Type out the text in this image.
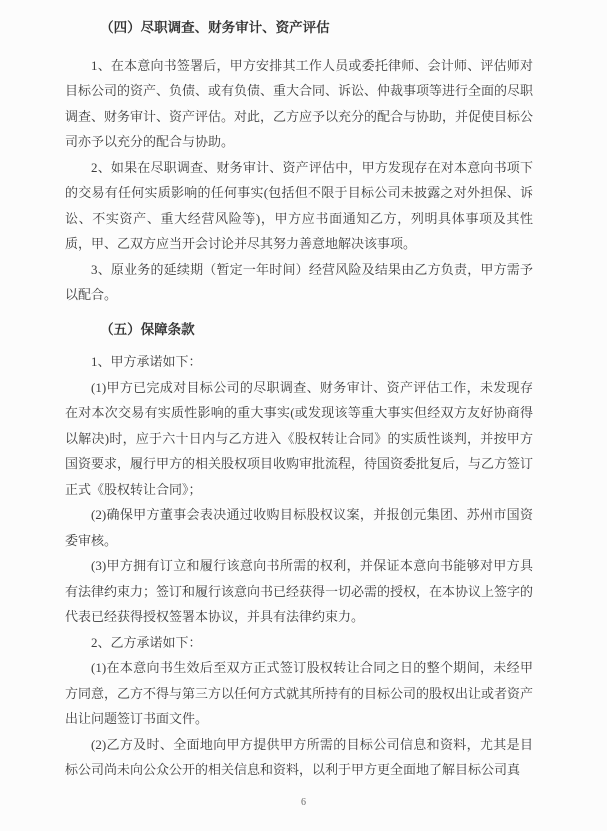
（四）尽职调查、财务审计、资产评估

1、在本意向书签署后，甲方安排其工作人员或委托律师、会计师、评估师对目标公司的资产、负债、或有负债、重大合同、诉讼、仲裁事项等进行全面的尽职调查、财务审计、资产评估。对此，乙方应予以充分的配合与协助，并促使目标公司亦予以充分的配合与协助。

2、如果在尽职调查、财务审计、资产评估中，甲方发现存在对本意向书项下的交易有任何实质影响的任何事实(包括但不限于目标公司未披露之对外担保、诉讼、不实资产、重大经营风险等)，甲方应书面通知乙方，列明具体事项及其性质，甲、乙双方应当开会讨论并尽其努力善意地解决该事项。

3、原业务的延续期（暂定一年时间）经营风险及结果由乙方负责，甲方需予以配合。

（五）保障条款

1、甲方承诺如下：

(1)甲方已完成对目标公司的尽职调查、财务审计、资产评估工作，未发现存在对本次交易有实质性影响的重大事实(或发现该等重大事实但经双方友好协商得以解决)时，应于六十日内与乙方进入《股权转让合同》的实质性谈判，并按甲方国资要求，履行甲方的相关股权项目收购审批流程，待国资委批复后，与乙方签订正式《股权转让合同》；

(2)确保甲方董事会表决通过收购目标股权议案，并报创元集团、苏州市国资委审核。

(3)甲方拥有订立和履行该意向书所需的权利，并保证本意向书能够对甲方具有法律约束力；签订和履行该意向书已经获得一切必需的授权，在本协议上签字的代表已经获得授权签署本协议，并具有法律约束力。

2、乙方承诺如下：

(1)在本意向书生效后至双方正式签订股权转让合同之日的整个期间，未经甲方同意，乙方不得与第三方以任何方式就其所持有的目标公司的股权出让或者资产出让问题签订书面文件。

(2)乙方及时、全面地向甲方提供甲方所需的目标公司信息和资料，尤其是目标公司尚未向公众公开的相关信息和资料，以利于甲方更全面地了解目标公司真

6
